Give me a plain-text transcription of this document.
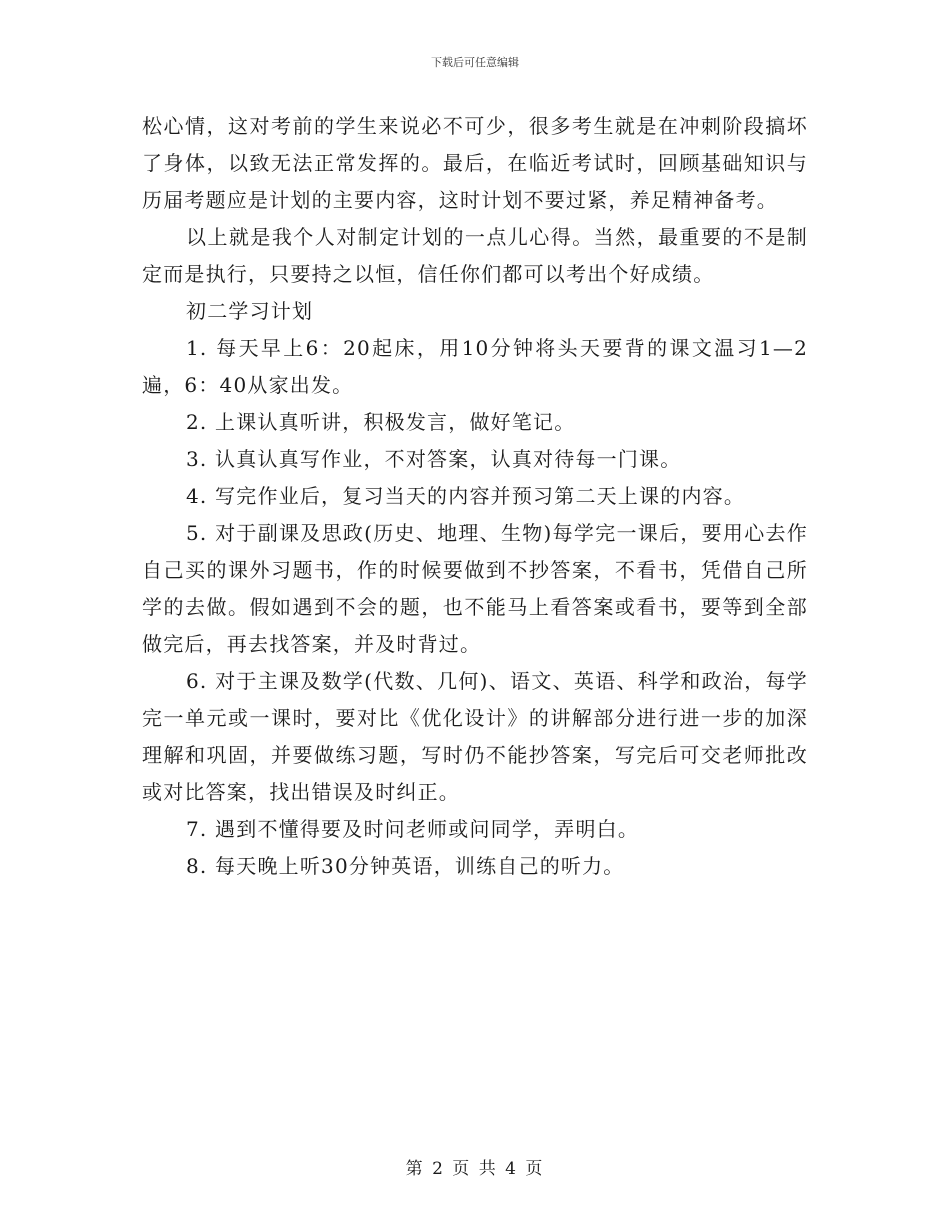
下载后可任意编辑

松心情，这对考前的学生来说必不可少，很多考生就是在冲刺阶段搞坏了身体，以致无法正常发挥的。最后，在临近考试时，回顾基础知识与历届考题应是计划的主要内容，这时计划不要过紧，养足精神备考。

以上就是我个人对制定计划的一点儿心得。当然，最重要的不是制定而是执行，只要持之以恒，信任你们都可以考出个好成绩。

初二学习计划

1. 每天早上6：20起床，用10分钟将头天要背的课文温习1—2遍，6：40从家出发。

2. 上课认真听讲，积极发言，做好笔记。

3. 认真认真写作业，不对答案，认真对待每一门课。

4. 写完作业后，复习当天的内容并预习第二天上课的内容。

5. 对于副课及思政(历史、地理、生物)每学完一课后，要用心去作自己买的课外习题书，作的时候要做到不抄答案，不看书，凭借自己所学的去做。假如遇到不会的题，也不能马上看答案或看书，要等到全部做完后，再去找答案，并及时背过。

6. 对于主课及数学(代数、几何)、语文、英语、科学和政治，每学完一单元或一课时，要对比《优化设计》的讲解部分进行进一步的加深理解和巩固，并要做练习题，写时仍不能抄答案，写完后可交老师批改或对比答案，找出错误及时纠正。

7. 遇到不懂得要及时问老师或问同学，弄明白。

8. 每天晚上听30分钟英语，训练自己的听力。

第 2 页 共 4 页
